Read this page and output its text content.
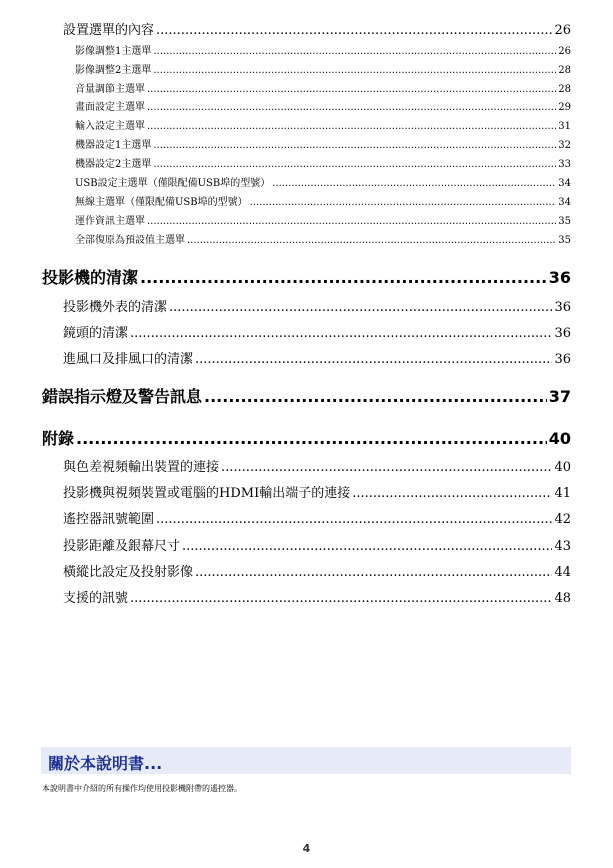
設置選單的內容 .....	26
影像調整1主選單 .....	26
影像調整2主選單 .....	28
音量調節主選單 .....	28
畫面設定主選單 .....	29
輸入設定主選單 .....	31
機器設定1主選單 .....	32
機器設定2主選單 .....	33
USB設定主選單（僅限配備USB埠的型號） .....	34
無線主選單（僅限配備USB埠的型號） .....	34
運作資訊主選單 .....	35
全部復原為預設值主選單 .....	35
投影機的清潔 .....	36
投影機外表的清潔 .....	36
鏡頭的清潔 .....	36
進風口及排風口的清潔 .....	36
錯誤指示燈及警告訊息 .....	37
附錄 .....	40
與色差視頻輸出裝置的連接 .....	40
投影機與視頻裝置或電腦的HDMI輸出端子的連接 .....	41
遙控器訊號範圍 .....	42
投影距離及銀幕尺寸 .....	43
橫縱比設定及投射影像 .....	44
支援的訊號 .....	48
關於本說明書...
本說明書中介紹的所有操作均使用投影機附帶的遙控器。
4
